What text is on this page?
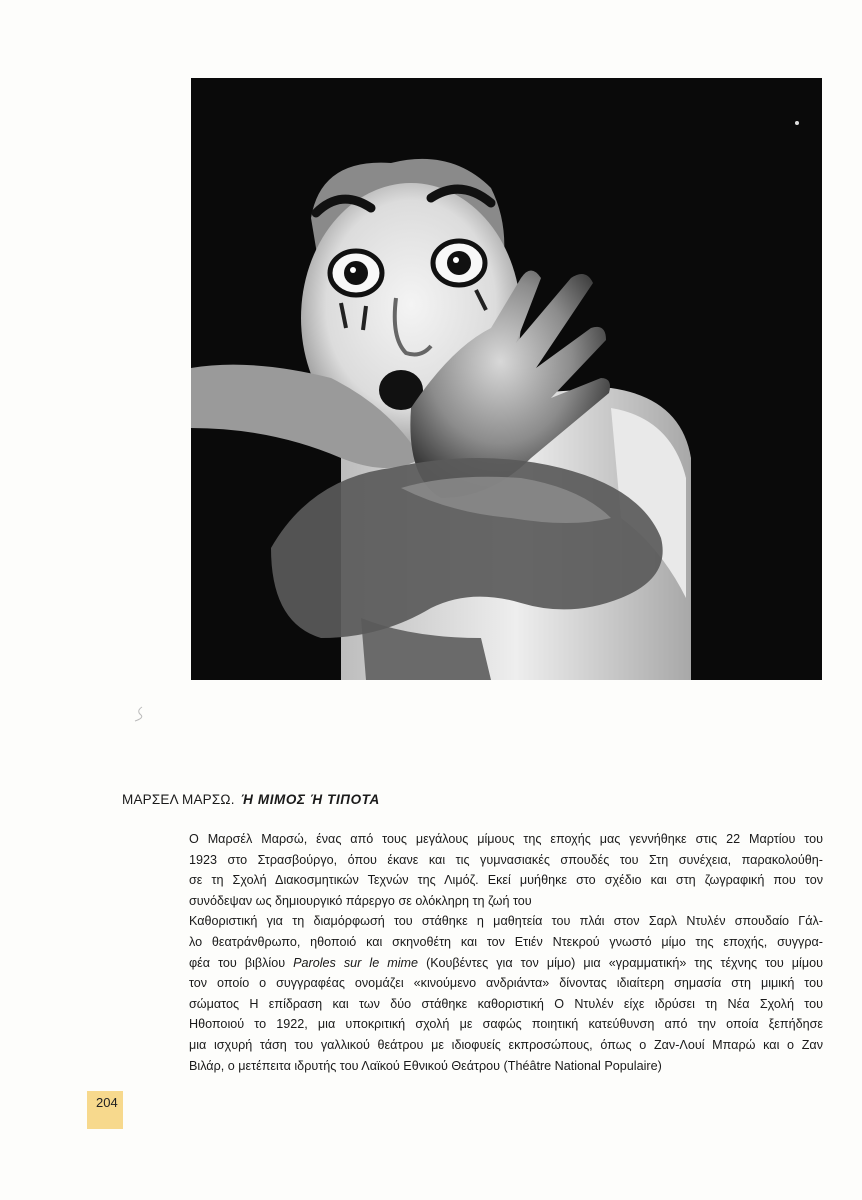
ΜΑΡΣΕΛ ΜΑΡΣΩ. Ή ΜΙΜΟΣ Ή ΤΙΠΟΤΑ
Ο Μαρσέλ Μαρσώ, ένας από τους μεγάλους μίμους της εποχής μας γεννήθηκε στις 22 Μαρτίου του
1923 στο Στρασβούργο, όπου έκανε και τις γυμνασιακές σπουδές του Στη συνέχεια, παρακολούθη-
σε τη Σχολή Διακοσμητικών Τεχνών της Λιμόζ. Εκεί μυήθηκε στο σχέδιο και στη ζωγραφική που τον
συνόδεψαν ως δημιουργικό πάρεργο σε ολόκληρη τη ζωή του
Καθοριστική για τη διαμόρφωσή του στάθηκε η μαθητεία του πλάι στον Σαρλ Ντυλέν σπουδαίο Γάλ-
λο θεατράνθρωπο, ηθοποιό και σκηνοθέτη και τον Ετιέν Ντεκρού γνωστό μίμο της εποχής, συγγρα-
φέα του βιβλίου Paroles sur le mime (Κουβέντες για τον μίμο) μια «γραμματική» της τέχνης του μίμου
τον οποίο ο συγγραφέας ονομάζει «κινούμενο ανδριάντα» δίνοντας ιδιαίτερη σημασία στη μιμική του
σώματος Η επίδραση και των δύο στάθηκε καθοριστική Ο Ντυλέν είχε ιδρύσει τη Νέα Σχολή του
Ηθοποιού το 1922, μια υποκριτική σχολή με σαφώς ποιητική κατεύθυνση από την οποία ξεπήδησε
μια ισχυρή τάση του γαλλικού θεάτρου με ιδιοφυείς εκπροσώπους, όπως ο Ζαν-Λουί Μπαρώ και ο Ζαν
Βιλάρ, ο μετέπειτα ιδρυτής του Λαϊκού Εθνικού Θεάτρου (Théâtre National Populaire)
204
